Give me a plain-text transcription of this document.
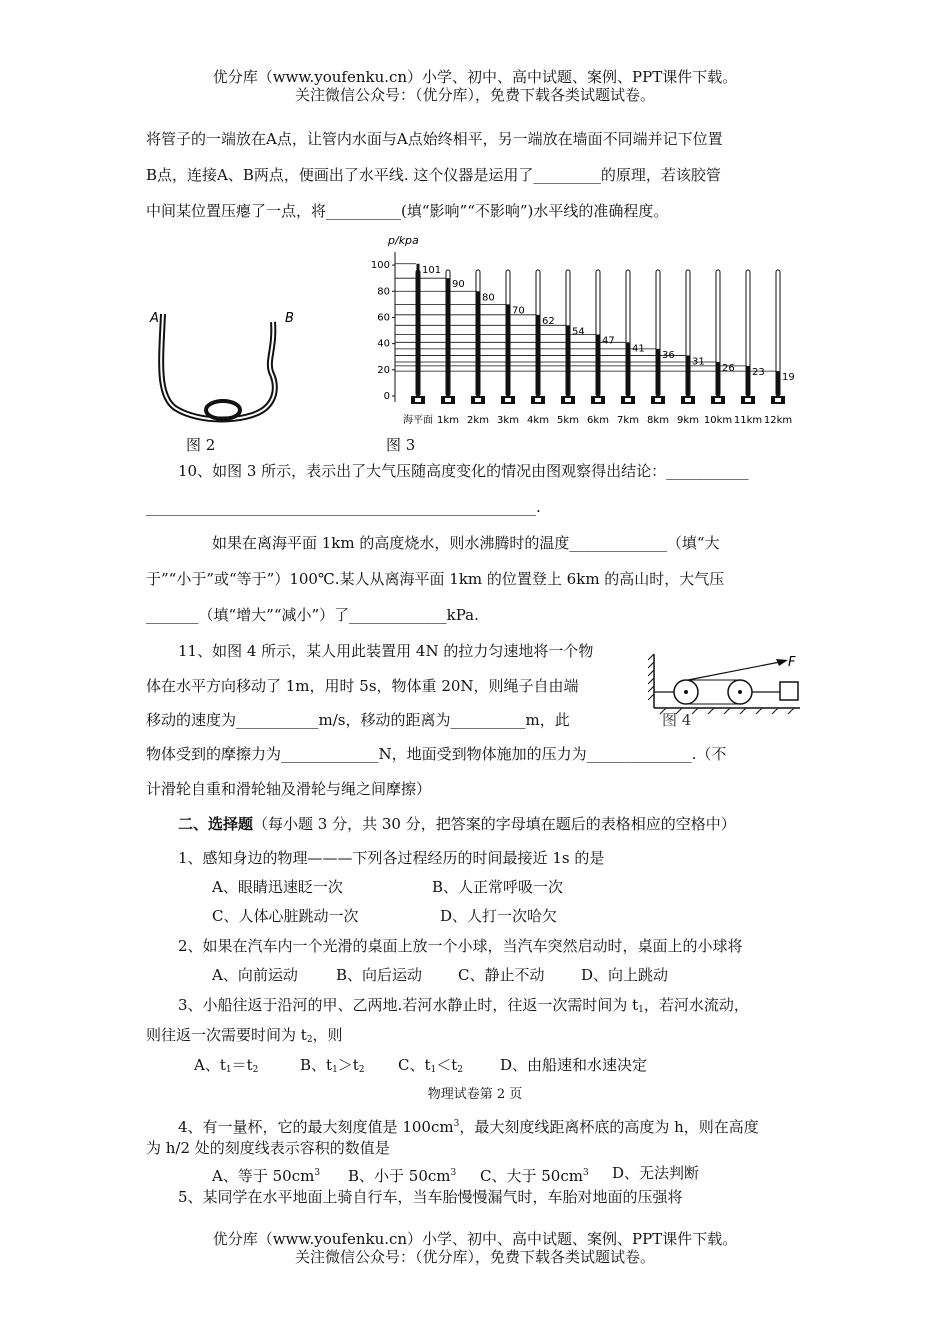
优分库（www.youfenku.cn）小学、初中、高中试题、案例、PPT课件下载。
关注微信公众号：（优分库），免费下载各类试题试卷。
将管子的一端放在A点，让管内水面与A点始终相平，另一端放在墙面不同端并记下位置
B点，连接A、B两点，便画出了水平线. 这个仪器是运用了_________的原理，若该胶管
中间某位置压瘪了一点，将__________(填“影响”“不影响”)水平线的准确程度。
A	B
图 2
p/kpa
0
20
40
60
80
100	101
90
80
70
62
54
47
41
36
31
26 23 19
海平面 1km 2km 3km 4km 5km 6km 7km 8km 9km 10km 11km 12km
图 3
10、如图 3 所示，表示出了大气压随高度变化的情况由图观察得出结论：___________
____________________________________________________.
如果在离海平面 1km 的高度烧水，则水沸腾时的温度_____________（填“大
于”“小于”或“等于”）100℃.某人从离海平面 1km 的位置登上 6km 的高山时，大气压
_______（填“增大”“减小”）了_____________kPa.
11、如图 4 所示，某人用此装置用 4N 的拉力匀速地将一个物
体在水平方向移动了 1m，用时 5s，物体重 20N，则绳子自由端
移动的速度为___________m/s，移动的距离为__________m，此
物体受到的摩擦力为_____________N，地面受到物体施加的压力为______________.（不
计滑轮自重和滑轮轴及滑轮与绳之间摩擦）
F
图 4
二、选择题（每小题 3 分，共 30 分，把答案的字母填在题后的表格相应的空格中）
1、感知身边的物理———下列各过程经历的时间最接近 1s 的是
A、眼睛迅速眨一次	B、人正常呼吸一次
C、人体心脏跳动一次	D、人打一次哈欠
2、如果在汽车内一个光滑的桌面上放一个小球，当汽车突然启动时，桌面上的小球将
A、向前运动	B、向后运动 C、静止不动 D、向上跳动
3、小船往返于沿河的甲、乙两地.若河水静止时，往返一次需时间为 $t_1$，若河水流动，
则往返一次需要时间为 $t_2$，则
A、$t_1=t_2$	B、$t_1>t_2$ C、$t_1<t_2$ D、由船速和水速决定
物理试卷第 2 页
4、有一量杯，它的最大刻度值是 $100cm^3$，最大刻度线距离杯底的高度为 h，则在高度
为 h/2 处的刻度线表示容积的数值是
A、等于 $50cm^3$ B、小于 $50cm^3$ C、大于 $50cm^3$ D、无法判断
5、某同学在水平地面上骑自行车，当车胎慢慢漏气时，车胎对地面的压强将
优分库（www.youfenku.cn）小学、初中、高中试题、案例、PPT课件下载。
关注微信公众号：（优分库），免费下载各类试题试卷。
